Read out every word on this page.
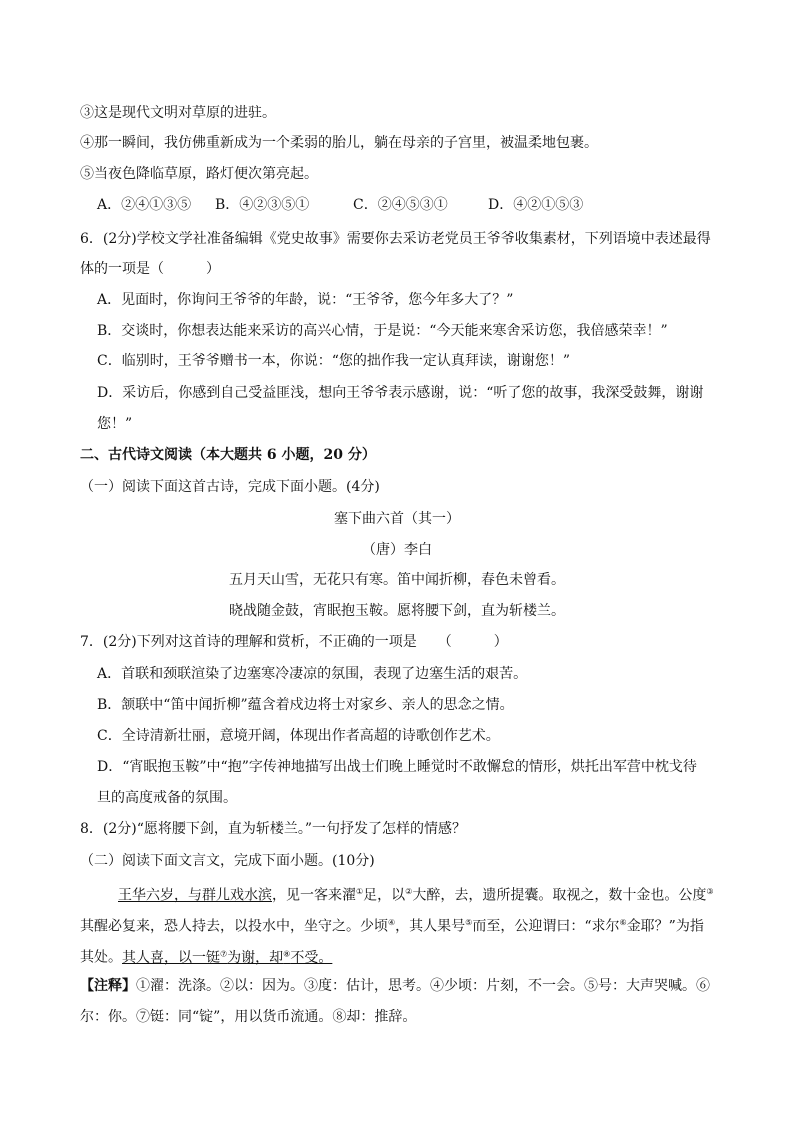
③这是现代文明对草原的进驻。
④那一瞬间，我仿佛重新成为一个柔弱的胎儿，躺在母亲的子宫里，被温柔地包裹。
⑤当夜色降临草原，路灯便次第亮起。
A．②④①③⑤ B．④②③⑤①	C．②④⑤③①	D．④②①⑤③
6．(2分)学校文学社准备编辑《党史故事》需要你去采访老党员王爷爷收集素材，下列语境中表述最得
体的一项是（　　　）
A．见面时，你询问王爷爷的年龄，说：“王爷爷，您今年多大了？”
B．交谈时，你想表达能来采访的高兴心情，于是说：“今天能来寒舍采访您，我倍感荣幸！”
C．临别时，王爷爷赠书一本，你说：“您的拙作我一定认真拜读，谢谢您！”
D．采访后，你感到自己受益匪浅，想向王爷爷表示感谢，说：“听了您的故事，我深受鼓舞，谢谢
您！”
二、古代诗文阅读（本大题共 6 小题，20 分）
（一）阅读下面这首古诗，完成下面小题。(4分)
塞下曲六首（其一）
（唐）李白
五月天山雪，无花只有寒。笛中闻折柳，春色未曾看。
晓战随金鼓，宵眠抱玉鞍。愿将腰下剑，直为斩楼兰。
7．(2分)下列对这首诗的理解和赏析，不正确的一项是　　（　　　）
A．首联和颈联渲染了边塞寒冷凄凉的氛围，表现了边塞生活的艰苦。
B．颔联中“笛中闻折柳”蕴含着戍边将士对家乡、亲人的思念之情。
C．全诗清新壮丽，意境开阔，体现出作者高超的诗歌创作艺术。
D．“宵眠抱玉鞍”中“抱”字传神地描写出战士们晚上睡觉时不敢懈怠的情形，烘托出军营中枕戈待
旦的高度戒备的氛围。
8．(2分)“愿将腰下剑，直为斩楼兰。”一句抒发了怎样的情感？
（二）阅读下面文言文，完成下面小题。(10分)
王华六岁，与群儿戏水滨，见一客来濯①足，以②大醉，去，遗所提囊。取视之，数十金也。公度③
其醒必复来，恐人持去，以投水中，坐守之。少顷④，其人果号⑤而至，公迎谓曰：“求尔⑥金耶？”为指
其处。其人喜，以一铤⑦为谢，却⑧不受。
【注释】①濯：洗涤。②以：因为。③度：估计，思考。④少顷：片刻，不一会。⑤号：大声哭喊。⑥
尔：你。⑦铤：同“锭”，用以货币流通。⑧却：推辞。
